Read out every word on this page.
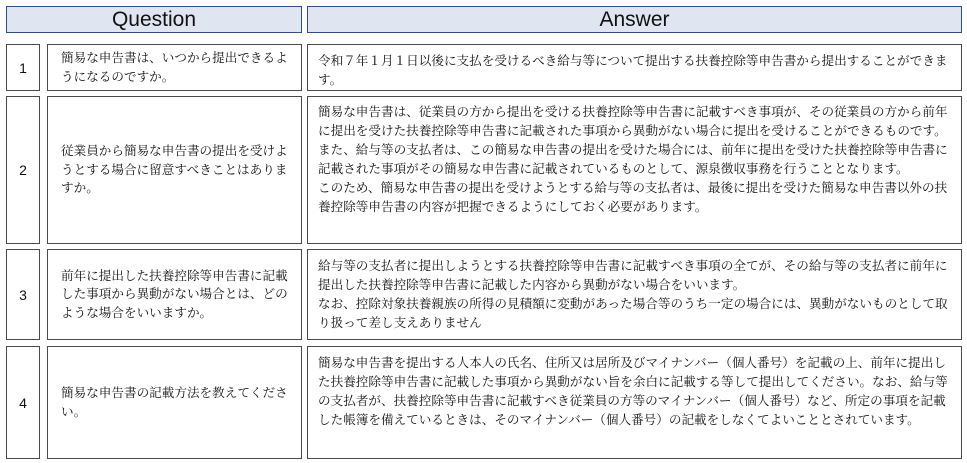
Question	Answer
1
簡易な申告書は、いつから提出できるようになるのですか。

令和７年１月１日以後に支払を受けるべき給与等について提出する扶養控除等申告書から提出することができます。

2
従業員から簡易な申告書の提出を受けようとする場合に留意すべきことはありますか。

簡易な申告書は、従業員の方から提出を受ける扶養控除等申告書に記載すべき事項が、その従業員の方から前年に提出を受けた扶養控除等申告書に記載された事項から異動がない場合に提出を受けることができるものです。また、給与等の支払者は、この簡易な申告書の提出を受けた場合には、前年に提出を受けた扶養控除等申告書に記載された事項がその簡易な申告書に記載されているものとして、源泉徴収事務を行うこととなります。

このため、簡易な申告書の提出を受けようとする給与等の支払者は、最後に提出を受けた簡易な申告書以外の扶養控除等申告書の内容が把握できるようにしておく必要があります。

3
前年に提出した扶養控除等申告書に記載した事項から異動がない場合とは、どのような場合をいいますか。

給与等の支払者に提出しようとする扶養控除等申告書に記載すべき事項の全てが、その給与等の支払者に前年に提出した扶養控除等申告書に記載した内容から異動がない場合をいいます。

なお、控除対象扶養親族の所得の見積額に変動があった場合等のうち一定の場合には、異動がないものとして取り扱って差し支えありません

4
簡易な申告書の記載方法を教えてください。

簡易な申告書を提出する人本人の氏名、住所又は居所及びマイナンバー（個人番号）を記載の上、前年に提出した扶養控除等申告書に記載した事項から異動がない旨を余白に記載する等して提出してください。なお、給与等の支払者が、扶養控除等申告書に記載すべき従業員の方等のマイナンバー（個人番号）など、所定の事項を記載した帳簿を備えているときは、そのマイナンバー（個人番号）の記載をしなくてよいこととされています。
